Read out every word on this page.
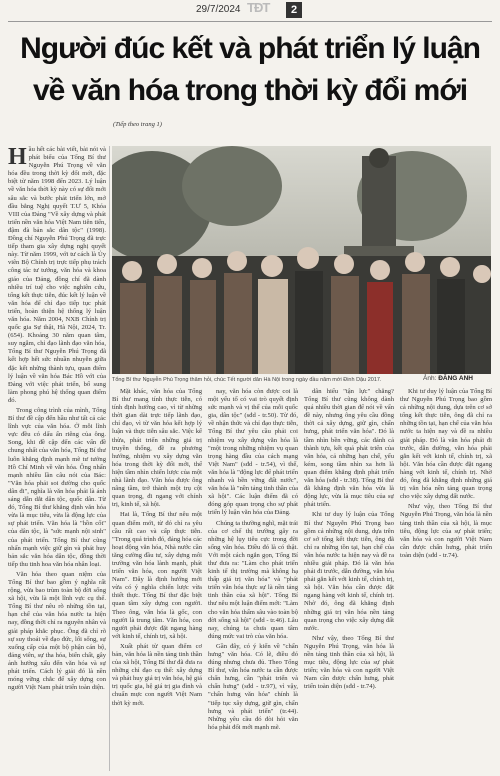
29/7/2024 TĐT	2
Người đúc kết và phát triển lý luận
về văn hóa trong thời kỳ đổi mới
(Tiếp theo trang 1)

Hầu hết các bài viết, bài nói và phát biểu của Tổng Bí thư Nguyễn Phú Trọng về văn hóa đều trong thời kỳ đổi mới, đặc biệt từ năm 1998 đến 2023. Lý luận về văn hóa thời kỳ này có sự đổi mới sâu sắc và bước phát triển lớn, mở đầu bằng Nghị quyết T.Ư 5, Khóa VIII của Đảng "Về xây dựng và phát triển nền văn hóa Việt Nam tiên tiến, đậm đà bản sắc dân tộc" (1998). Đồng chí Nguyễn Phú Trọng đã trực tiếp tham gia xây dựng nghị quyết này. Từ năm 1999, với tư cách là Ủy viên Bộ Chính trị trực tiếp phụ trách công tác tư tưởng, văn hóa và khoa giáo của Đảng, đồng chí đã dành nhiều trí tuệ cho việc nghiên cứu, tổng kết thực tiễn, đúc kết lý luận về văn hóa để chỉ đạo tiếp tục phát triển, hoàn thiện hệ thống lý luận văn hóa. Năm 2004, NXB Chính trị quốc gia Sự thật, Hà Nội, 2024, Tr. (654). Khoảng 30 năm quan tâm, suy ngẫm, chỉ đạo lãnh đạo văn hóa, Tổng Bí thư Nguyễn Phú Trọng đã kết hợp hết sức nhuần nhuyễn giữa đặc kết những thành tựu, quan điểm lý luận về văn hóa Bác Hồ với của Đảng với việc phát triển, bổ sung làm phong phú hệ thống quan điểm đó.

Trong công trình của mình, Tổng Bí thư đề cập đến hầu như tất cả các lĩnh vực của văn hóa. Ở mỗi lĩnh vực đều có dấu ấn riêng của ông. Song, khi đề cập đến các vấn đề chung nhất của văn hóa, Tổng Bí thư luôn khẳng định mạnh mẽ tư tưởng Hồ Chí Minh về văn hóa. Ông nhấn mạnh nhiều lần câu nói của Bác: "Văn hóa phải soi đường cho quốc dân đi", nghĩa là văn hóa phải là ánh sáng dẫn dắt dân tộc, quốc dân. Từ đó, Tổng Bí thư khẳng định văn hóa vừa là mục tiêu, vừa là động lực của sự phát triển. Văn hóa là "hồn cốt" của dân tộc, là "sức mạnh nội sinh" của phát triển. Tổng Bí thư cũng nhấn mạnh việc giữ gìn và phát huy bản sắc văn hóa dân tộc, đồng thời tiếp thu tinh hoa văn hóa nhân loại.

Văn hóa theo quan niệm của Tổng Bí thư bao gồm ý nghĩa rất rộng, vừa bao trùm toàn bộ đời sống xã hội, vừa là một lĩnh vực cụ thể. Tổng Bí thư nêu rõ những tồn tại, hạn chế của văn hóa nước ta hiện nay, đồng thời chỉ ra nguyên nhân và giải pháp khắc phục. Ông đã chỉ rõ sự suy thoái về đạo đức, lối sống, sự xuống cấp của một bộ phận cán bộ, đảng viên, sự tha hóa, biến chất, gây ảnh hưởng xấu đến văn hóa và sự phát triển. Cách lý giải đó là nền móng vững chắc để xây dựng con người Việt Nam phát triển toàn diện.

Tổng Bí thư Nguyễn Phú Trọng thăm hỏi, chúc Tết người dân Hà Nội trong ngày đầu năm mới Đinh Dậu 2017.	Ảnh: ĐĂNG ANH

Mặt khác, văn hóa của Tổng Bí thư mang tính thực tiễn, có tính định hướng cao, vì từ những thời gian dài trực tiếp lãnh đạo, chỉ đạo, vì từ văn hóa kết hợp lý luận và thực tiễn sâu sắc. Việc kế thừa, phát triển những giá trị truyền thống, đề ra phương hướng, nhiệm vụ xây dựng văn hóa trong thời kỳ đổi mới, thể hiện tầm nhìn chiến lược của một nhà lãnh đạo. Văn hóa được ông nâng tầm, trở thành một trụ cột quan trọng, đi ngang với chính trị, kinh tế, xã hội.

Hai là, Tổng Bí thư nêu một quan điểm mới, từ đó chỉ ra yêu cầu rất cao và cấp thực tiễn. "Trong quá trình đó, đảng hóa các hoạt động văn hóa, Nhà nước cần tăng cường đầu tư, xây dựng môi trường văn hóa lành mạnh, phát triển văn hóa, con người Việt Nam". Đây là định hướng mới vừa có ý nghĩa chiến lược vừa thiết thực. Tổng Bí thư đặc biệt quan tâm xây dựng con người. Theo ông, văn hóa là gốc, con người là trung tâm. Văn hóa, con người phải được đặt ngang hàng với kinh tế, chính trị, xã hội.

Xuất phát từ quan điểm cơ bản, văn hóa là nền tảng tinh thần của xã hội, Tổng Bí thư đã đưa ra những chỉ đạo cụ thể: xây dựng và phát huy giá trị văn hóa, hệ giá trị quốc gia, hệ giá trị gia đình và chuẩn mực con người Việt Nam thời kỳ mới.

nay, văn hóa còn được coi là một yếu tố có vai trò quyết định sức mạnh và vị thế của mỗi quốc gia, dân tộc" (sđd - tr.50). Từ đó, về nhận thức và chỉ đạo thực tiễn, Tổng Bí thư yêu cầu phải coi nhiệm vụ xây dựng văn hóa là "một trong những nhiệm vụ quan trọng hàng đầu của cách mạng Việt Nam" (sđd - tr.54), vì thế, văn hóa là "động lực để phát triển nhanh và bền vững đất nước", văn hóa là "nền tảng tinh thần của xã hội". Các luận điểm đã có đóng góp quan trọng cho sự phát triển lý luận văn hóa của Đảng.

Chúng ta thường nghĩ, mặt trái của cơ chế thị trường gây ra những hệ lụy tiêu cực trong đời sống văn hóa. Điều đó là có thật. Với một cách ngắn gọn, Tổng Bí thư đưa ra: "Làm cho phát triển kinh tế thị trường mà không hạ thấp giá trị văn hóa" và "phát triển văn hóa thực sự là nền tảng tinh thần của xã hội". Tổng Bí thư nêu một luận điểm mới: "Làm cho văn hóa thấm sâu vào toàn bộ đời sống xã hội" (sđd - tr.46). Lâu nay, chúng ta chưa quan tâm đúng mức vai trò của văn hóa.

Gần đây, có ý kiến về "chấn hưng" văn hóa. Có lẽ, điều đó đúng nhưng chưa đủ. Theo Tổng Bí thư, văn hóa nước ta cần được chấn hưng, cần "phát triển và chấn hưng" (sđd - tr.97), vì vậy, "chấn hưng văn hóa" chính là "tiếp tục xây dựng, giữ gìn, chấn hưng và phát triển" (tr.44). Những yêu cầu đó đòi hỏi văn hóa phải đổi mới mạnh mẽ.

dân hiểu "tận lực" chăng? Tổng Bí thư cũng không dành quá nhiều thời gian để nói về vấn đề này, nhưng ông yêu cầu đồng thời cả xây dựng, giữ gìn, chấn hưng, phát triển văn hóa". Đó là tầm nhìn bền vững, các đánh cả thành tựu, kết quả phát triển của văn hóa, cả những hạn chế, yếu kém, song tầm nhìn xa hơn là quan điểm khẳng định phát triển văn hóa (sđd - tr.38). Tổng Bí thư đã khẳng định văn hóa vừa là động lực, vừa là mục tiêu của sự phát triển.

Khi tư duy lý luận của Tổng Bí thư Nguyễn Phú Trọng bao gồm cả những nội dung, dựa trên cơ sở tổng kết thực tiễn, ông đã chỉ ra những tồn tại, hạn chế của văn hóa nước ta hiện nay và đề ra nhiều giải pháp. Đó là văn hóa phải đi trước, dẫn đường, văn hóa phải gắn kết với kinh tế, chính trị, xã hội. Văn hóa cần được đặt ngang hàng với kinh tế, chính trị. Nhờ đó, ông đã khẳng định những giá trị văn hóa nền tảng quan trọng cho việc xây dựng đất nước.

Như vậy, theo Tổng Bí thư Nguyễn Phú Trọng, văn hóa là nền tảng tinh thần của xã hội, là mục tiêu, động lực của sự phát triển; văn hóa và con người Việt Nam cần được chấn hưng, phát triển toàn diện (sđd - tr.74).

Khi tư duy lý luận của Tổng Bí thư Nguyễn Phú Trọng bao gồm cả những nội dung, dựa trên cơ sở tổng kết thực tiễn, ông đã chỉ ra những tồn tại, hạn chế của văn hóa nước ta hiện nay và đề ra nhiều giải pháp. Đó là văn hóa phải đi trước, dẫn đường, văn hóa phải gắn kết với kinh tế, chính trị, xã hội. Văn hóa cần được đặt ngang hàng với kinh tế, chính trị. Nhờ đó, ông đã khẳng định những giá trị văn hóa nền tảng quan trọng cho việc xây dựng đất nước.

Như vậy, theo Tổng Bí thư Nguyễn Phú Trọng, văn hóa là nền tảng tinh thần của xã hội, là mục tiêu, động lực của sự phát triển; văn hóa và con người Việt Nam cần được chấn hưng, phát triển toàn diện (sđd - tr.74).
